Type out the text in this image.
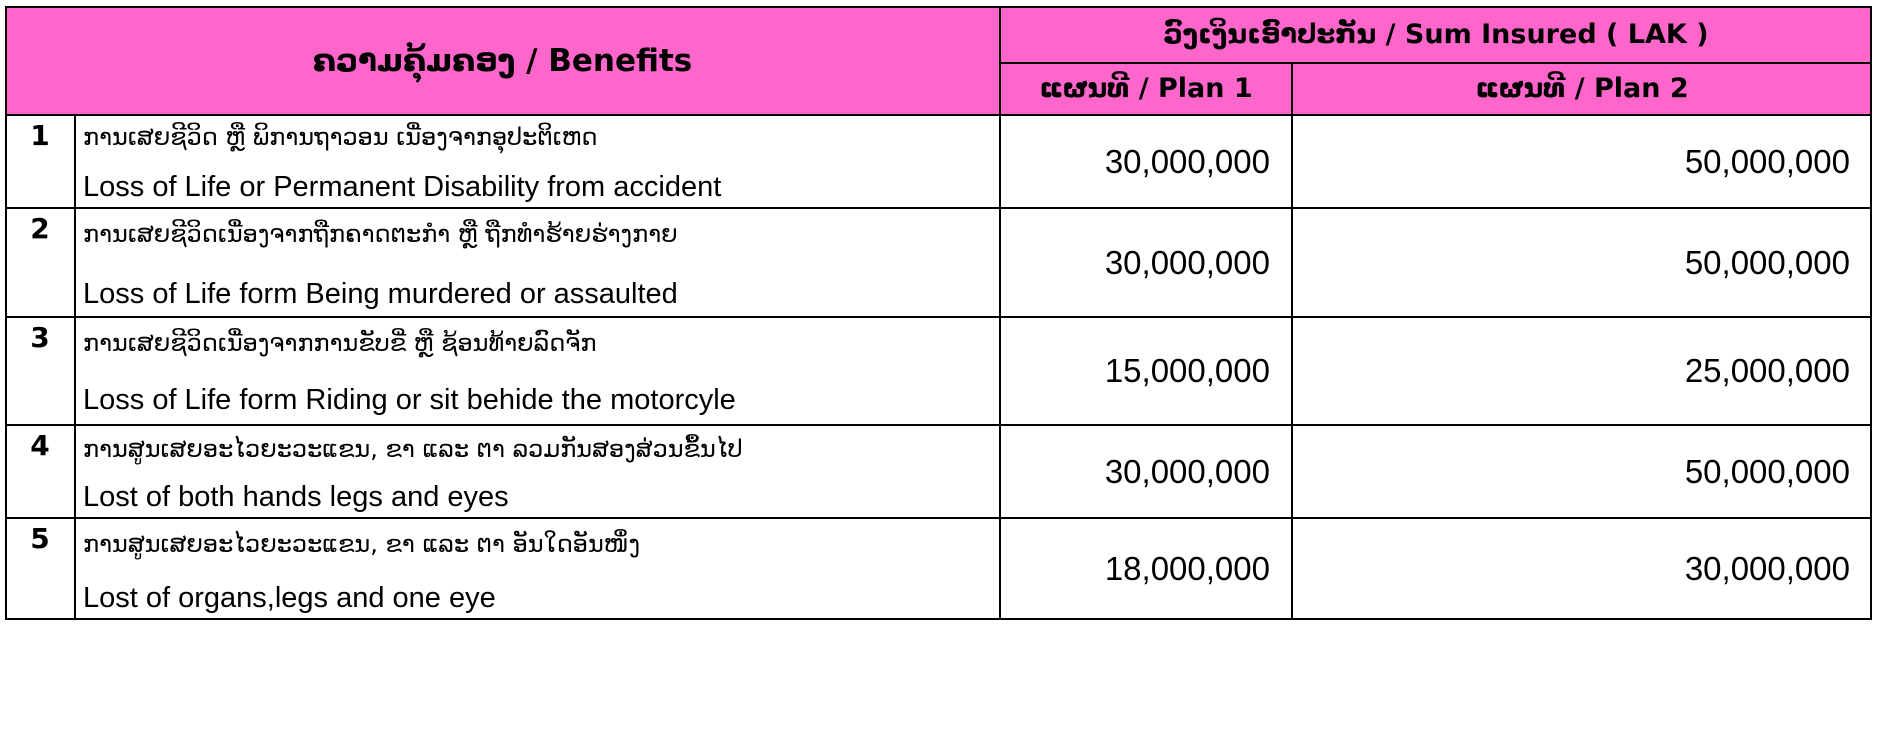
ຄວາມຄຸ້ມຄອງ / Benefits
ວົງເງິນເອົາປະກັນ / Sum Insured ( LAK )
ແຜນທີ / Plan 1	ແຜນທີ / Plan 2
1	ການເສຍຊີວິດ ຫຼື ພິການຖາວອນ ເນື່ອງຈາກອຸປະຕິເຫດ
Loss of Life or Permanent Disability from accident
30,000,000	50,000,000
2	ການເສຍຊີວິດເນື່ອງຈາກຖືກຄາດຕະກຳ ຫຼື ຖືກທຳຮ້າຍຮ່າງກາຍ
Loss of Life form Being murdered or assaulted
30,000,000	50,000,000
3	ການເສຍຊີວິດເນື່ອງຈາກການຂັບຂີ່ ຫຼື ຊ້ອນທ້າຍລົດຈັກ
Loss of Life form Riding or sit behide the motorcyle
15,000,000	25,000,000
4	ການສູນເສຍອະໄວຍະວະແຂນ, ຂາ ແລະ ຕາ ລວມກັນສອງສ່ວນຂຶ້ນໄປ
Lost of both hands legs and eyes
30,000,000	50,000,000
5	ການສູນເສຍອະໄວຍະວະແຂນ, ຂາ ແລະ ຕາ ອັນໃດອັນໜຶ່ງ
Lost of organs,legs and one eye
18,000,000	30,000,000
